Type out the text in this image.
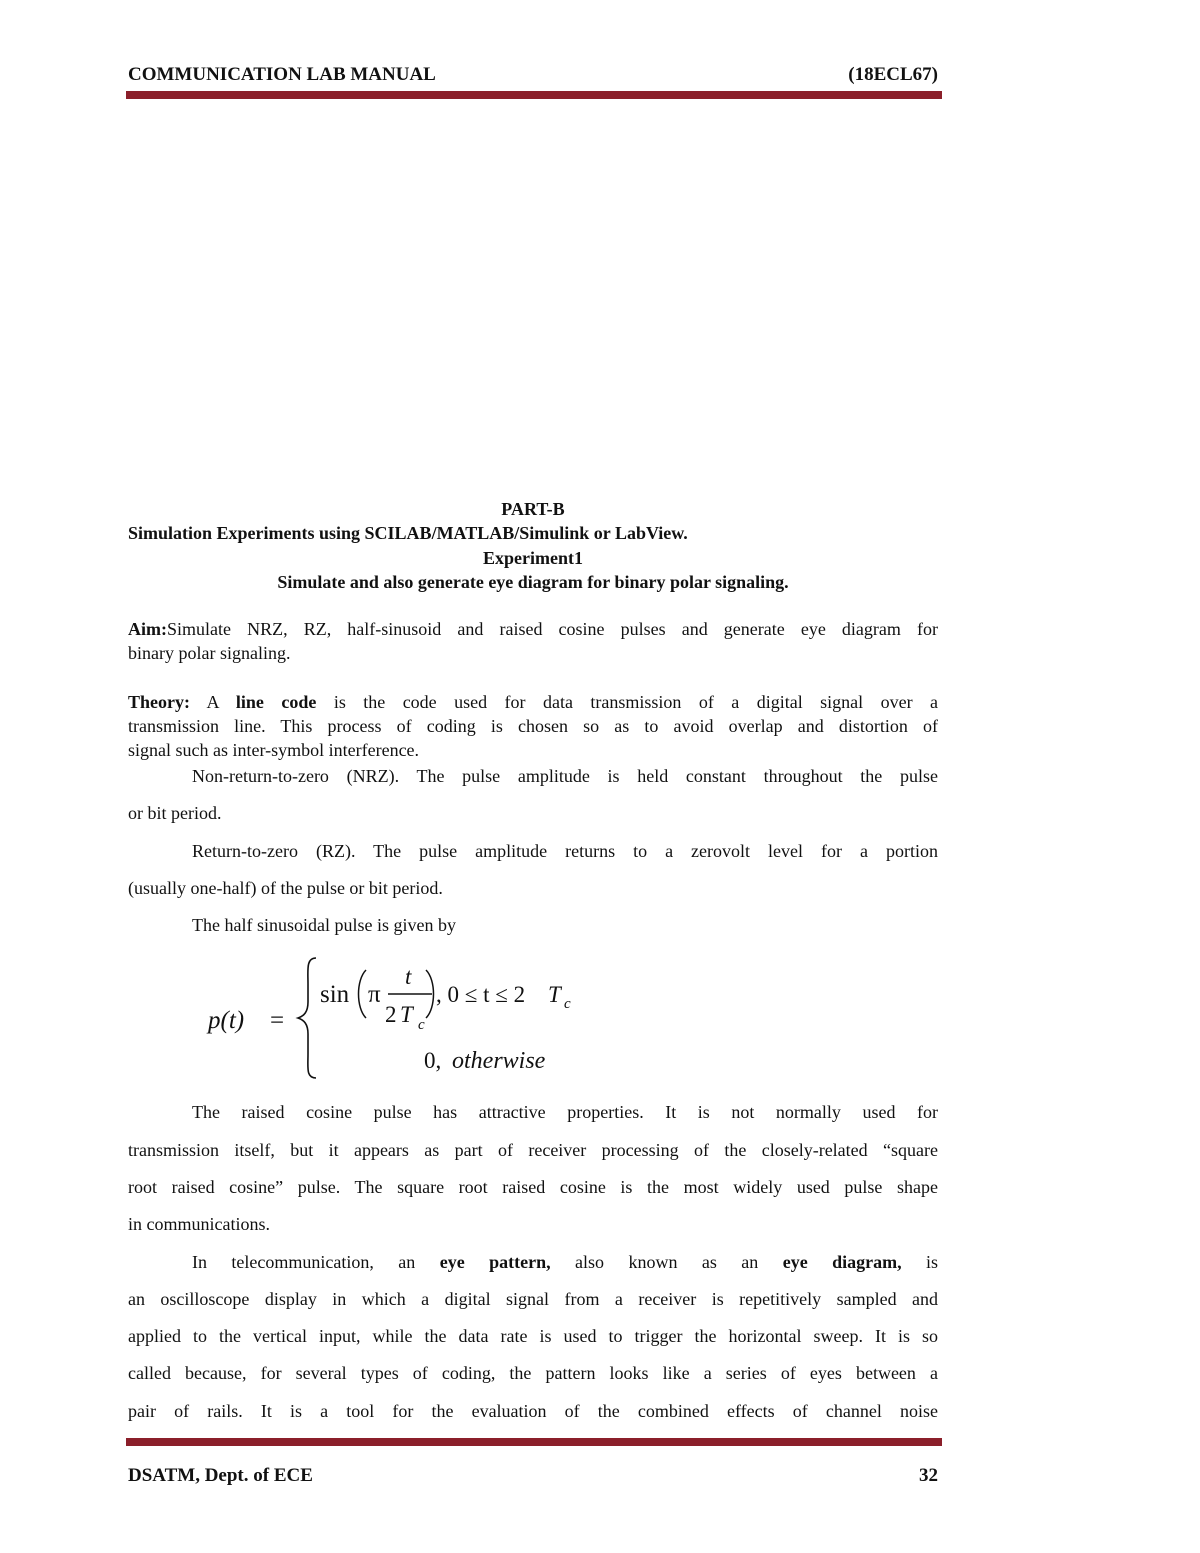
COMMUNICATION LAB MANUAL	(18ECL67)
PART-B
Simulation Experiments using SCILAB/MATLAB/Simulink or LabView.
Experiment1
Simulate and also generate eye diagram for binary polar signaling.
Aim:Simulate NRZ, RZ, half-sinusoid and raised cosine pulses and generate eye diagram for
binary polar signaling.
Theory: A line code is the code used for data transmission of a digital signal over a
transmission line. This process of coding is chosen so as to avoid overlap and distortion of
signal such as inter-symbol interference.
Non-return-to-zero (NRZ). The pulse amplitude is held constant throughout the pulse
or bit period.
Return-to-zero (RZ). The pulse amplitude returns to a zerovolt level for a portion
(usually one-half) of the pulse or bit period.
The half sinusoidal pulse is given by
p(t) =
sin π
t
2 T c
, 0 ≤ t ≤ 2 T c
0, otherwise
The raised cosine pulse has attractive properties. It is not normally used for
transmission itself, but it appears as part of receiver processing of the closely-related “square
root raised cosine” pulse. The square root raised cosine is the most widely used pulse shape
in communications.
In telecommunication, an eye pattern, also known as an eye diagram, is
an oscilloscope display in which a digital signal from a receiver is repetitively sampled and
applied to the vertical input, while the data rate is used to trigger the horizontal sweep. It is so
called because, for several types of coding, the pattern looks like a series of eyes between a
pair of rails. It is a tool for the evaluation of the combined effects of channel noise
DSATM, Dept. of ECE	32
